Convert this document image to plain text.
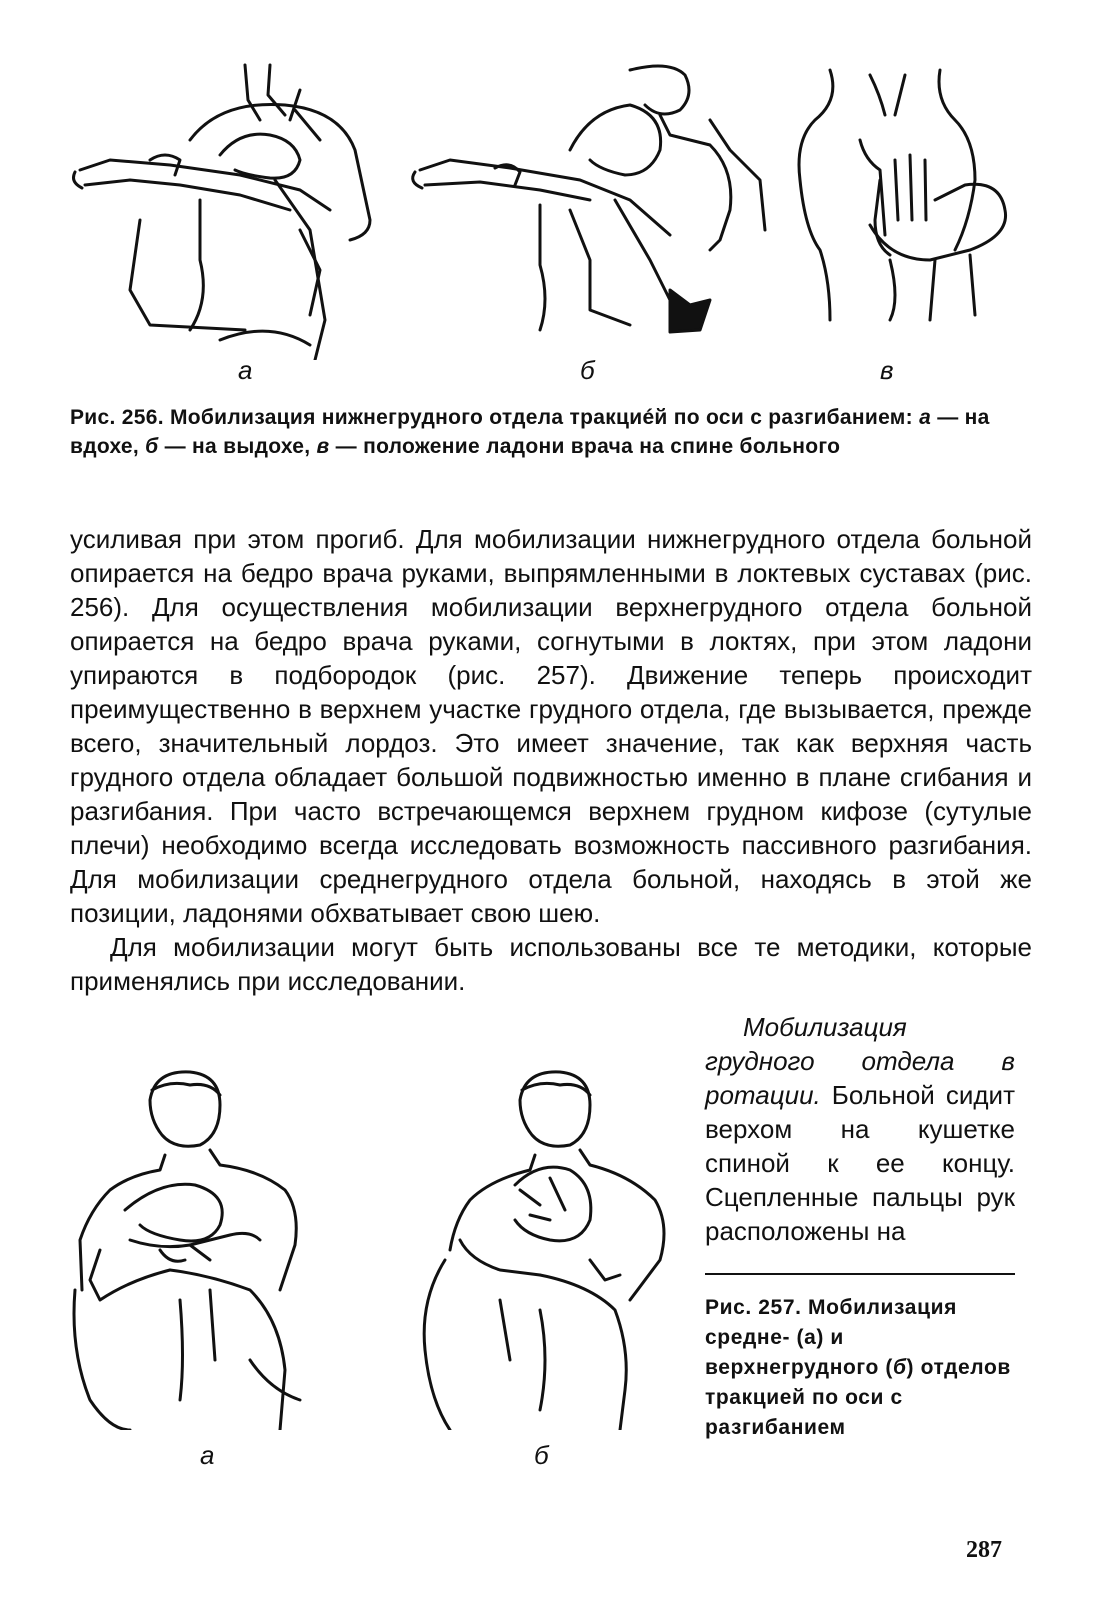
а	б	в
Рис. 256. Мобилизация нижнегрудного отдела тракциéй по оси с разгибанием: а — на вдохе, б — на выдохе, в — положение ладони врача на спине больного

усиливая при этом прогиб. Для мобилизации нижнегрудного отдела больной опирается на бедро врача руками, выпрямленными в локтевых суставах (рис. 256). Для осуществления мобилизации верхнегрудного отдела больной опирается на бедро врача руками, согнутыми в локтях, при этом ладони упираются в подбородок (рис. 257). Движение теперь происходит преимущественно в верхнем участке грудного отдела, где вызывается, прежде всего, значительный лордоз. Это имеет значение, так как верхняя часть грудного отдела обладает большой подвижностью именно в плане сгибания и разгибания. При часто встречающемся верхнем грудном кифозе (сутулые плечи) необходимо всегда исследовать возможность пассивного разгибания. Для мобилизации среднегрудного отдела больной, находясь в этой же позиции, ладонями обхватывает свою шею.

Для мобилизации могут быть использованы все те методики, которые применялись при исследовании.

Мобилизация грудного отдела в ротации. Больной сидит верхом на кушетке спиной к ее концу. Сцепленные пальцы рук расположены на

Рис. 257. Мобилизация средне- (а) и верхнегрудного (б) отделов тракцией по оси с разгибанием
а	б
287
